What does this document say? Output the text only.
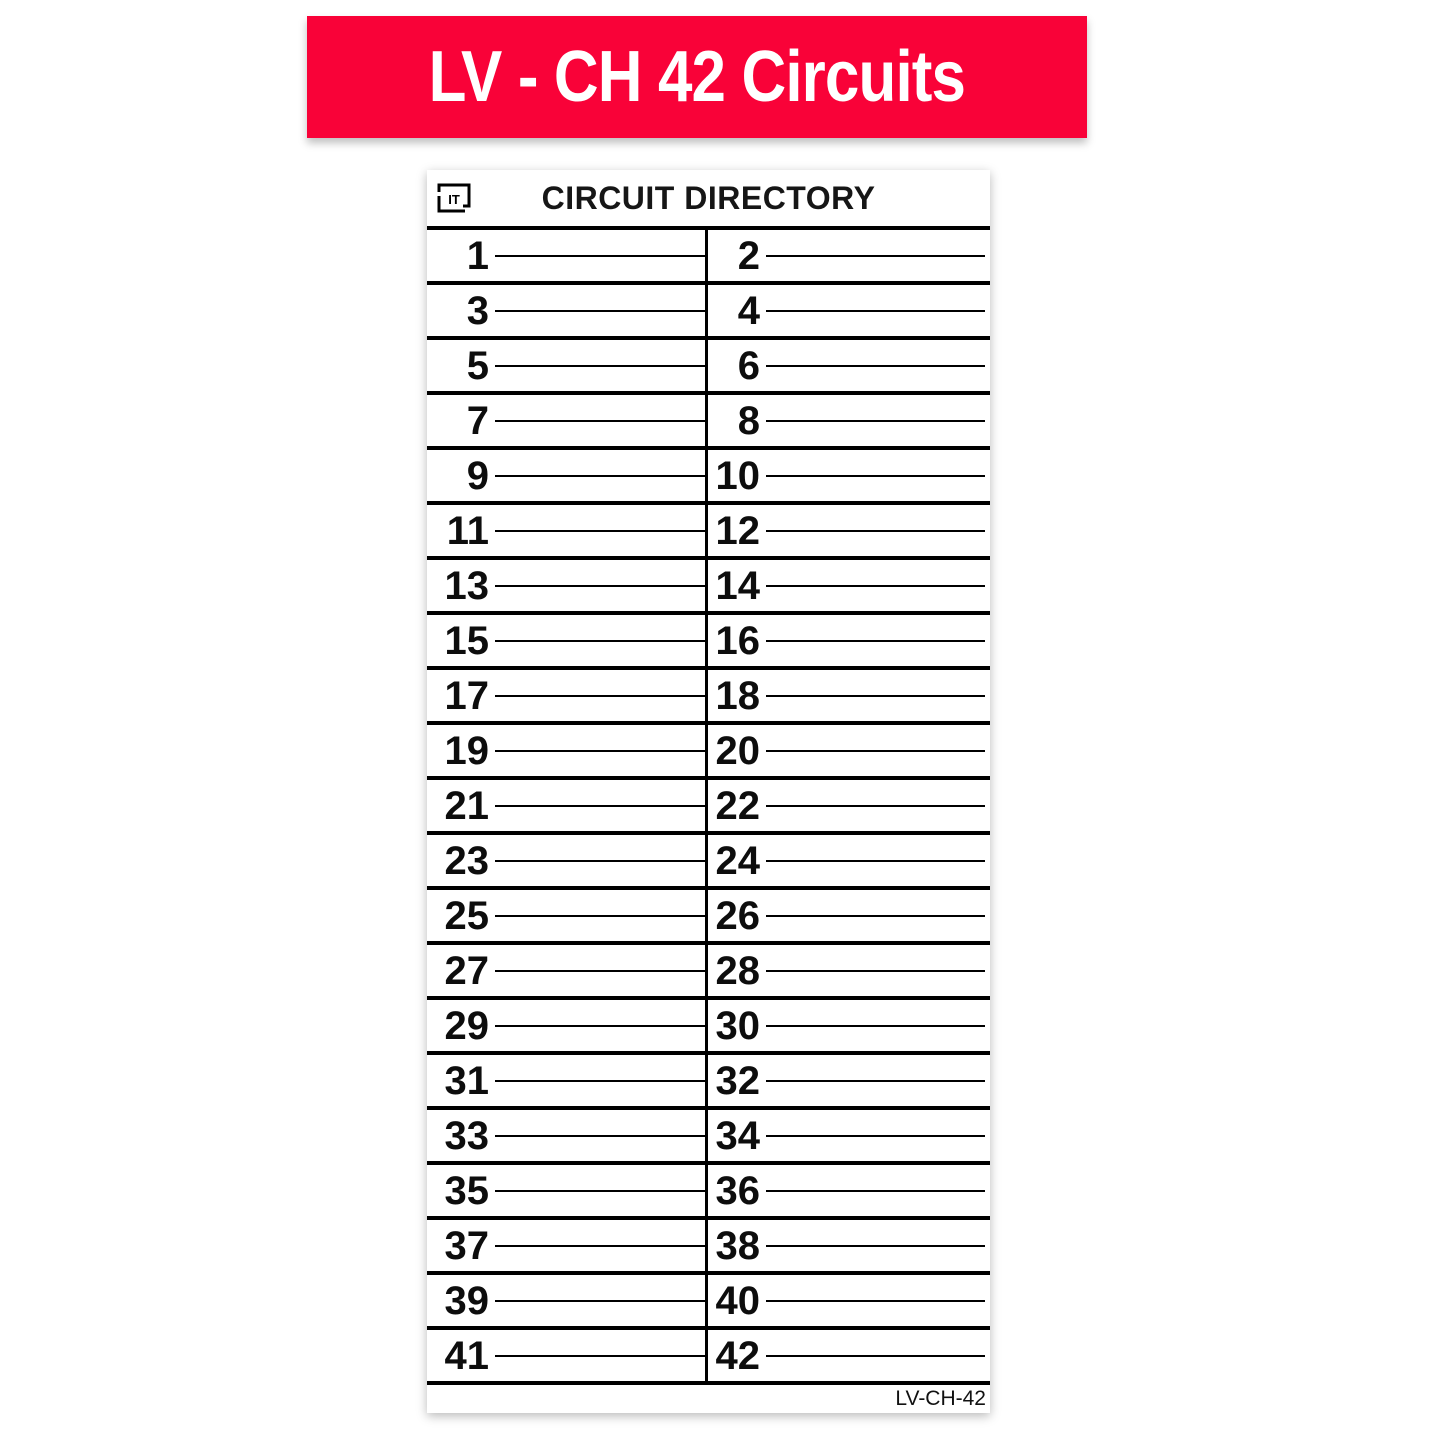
LV - CH 42 Circuits
IT	CIRCUIT DIRECTORY
1	2
3	4
5	6
7	8
9	10
11	12
13	14
15	16
17	18
19	20
21	22
23	24
25	26
27	28
29	30
31	32
33	34
35	36
37	38
39	40
41	42
LV-CH-42
